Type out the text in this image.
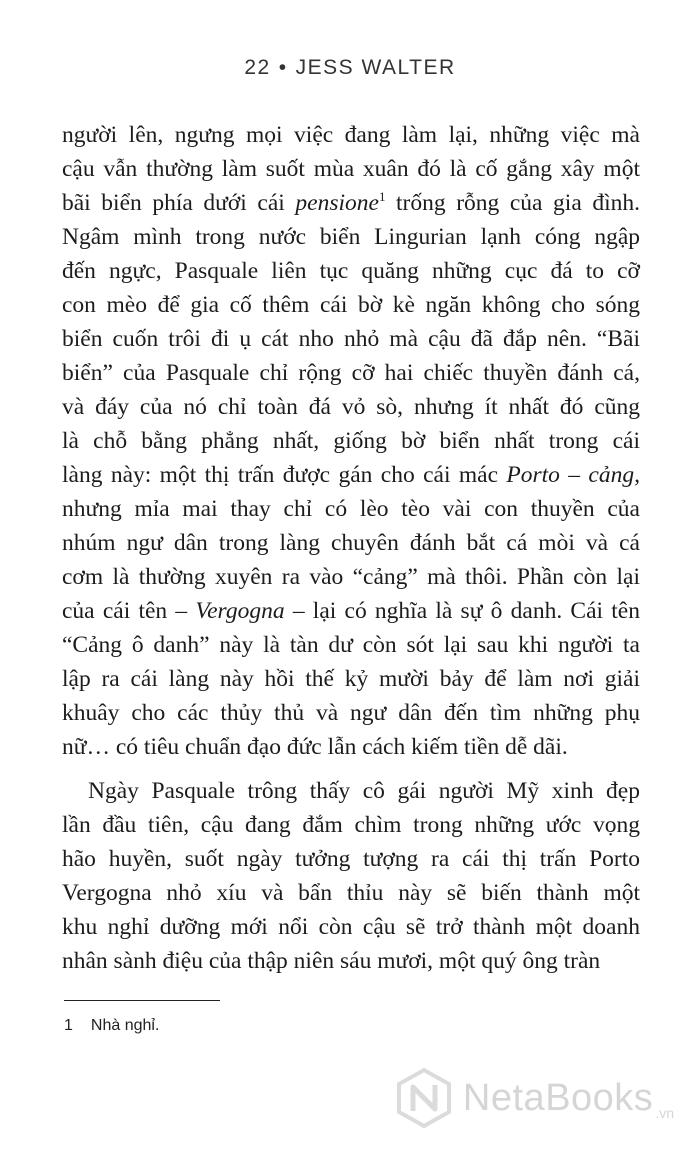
22 • JESS WALTER
người lên, ngưng mọi việc đang làm lại, những việc mà
cậu vẫn thường làm suốt mùa xuân đó là cố gắng xây một
bãi biển phía dưới cái pensione$^1$ trống rỗng của gia đình.
Ngâm mình trong nước biển Lingurian lạnh cóng ngập
đến ngực, Pasquale liên tục quăng những cục đá to cỡ
con mèo để gia cố thêm cái bờ kè ngăn không cho sóng
biển cuốn trôi đi ụ cát nho nhỏ mà cậu đã đắp nên. “Bãi
biển” của Pasquale chỉ rộng cỡ hai chiếc thuyền đánh cá,
và đáy của nó chỉ toàn đá vỏ sò, nhưng ít nhất đó cũng
là chỗ bằng phẳng nhất, giống bờ biển nhất trong cái
làng này: một thị trấn được gán cho cái mác Porto – cảng,
nhưng mỉa mai thay chỉ có lèo tèo vài con thuyền của
nhúm ngư dân trong làng chuyên đánh bắt cá mòi và cá
cơm là thường xuyên ra vào “cảng” mà thôi. Phần còn lại
của cái tên – Vergogna – lại có nghĩa là sự ô danh. Cái tên
“Cảng ô danh” này là tàn dư còn sót lại sau khi người ta
lập ra cái làng này hồi thế kỷ mười bảy để làm nơi giải
khuây cho các thủy thủ và ngư dân đến tìm những phụ
nữ… có tiêu chuẩn đạo đức lẫn cách kiếm tiền dễ dãi.
Ngày Pasquale trông thấy cô gái người Mỹ xinh đẹp
lần đầu tiên, cậu đang đắm chìm trong những ước vọng
hão huyền, suốt ngày tưởng tượng ra cái thị trấn Porto
Vergogna nhỏ xíu và bẩn thỉu này sẽ biến thành một
khu nghỉ dưỡng mới nổi còn cậu sẽ trở thành một doanh
nhân sành điệu của thập niên sáu mươi, một quý ông tràn
1 Nhà nghỉ.
NetaBooks .vn
